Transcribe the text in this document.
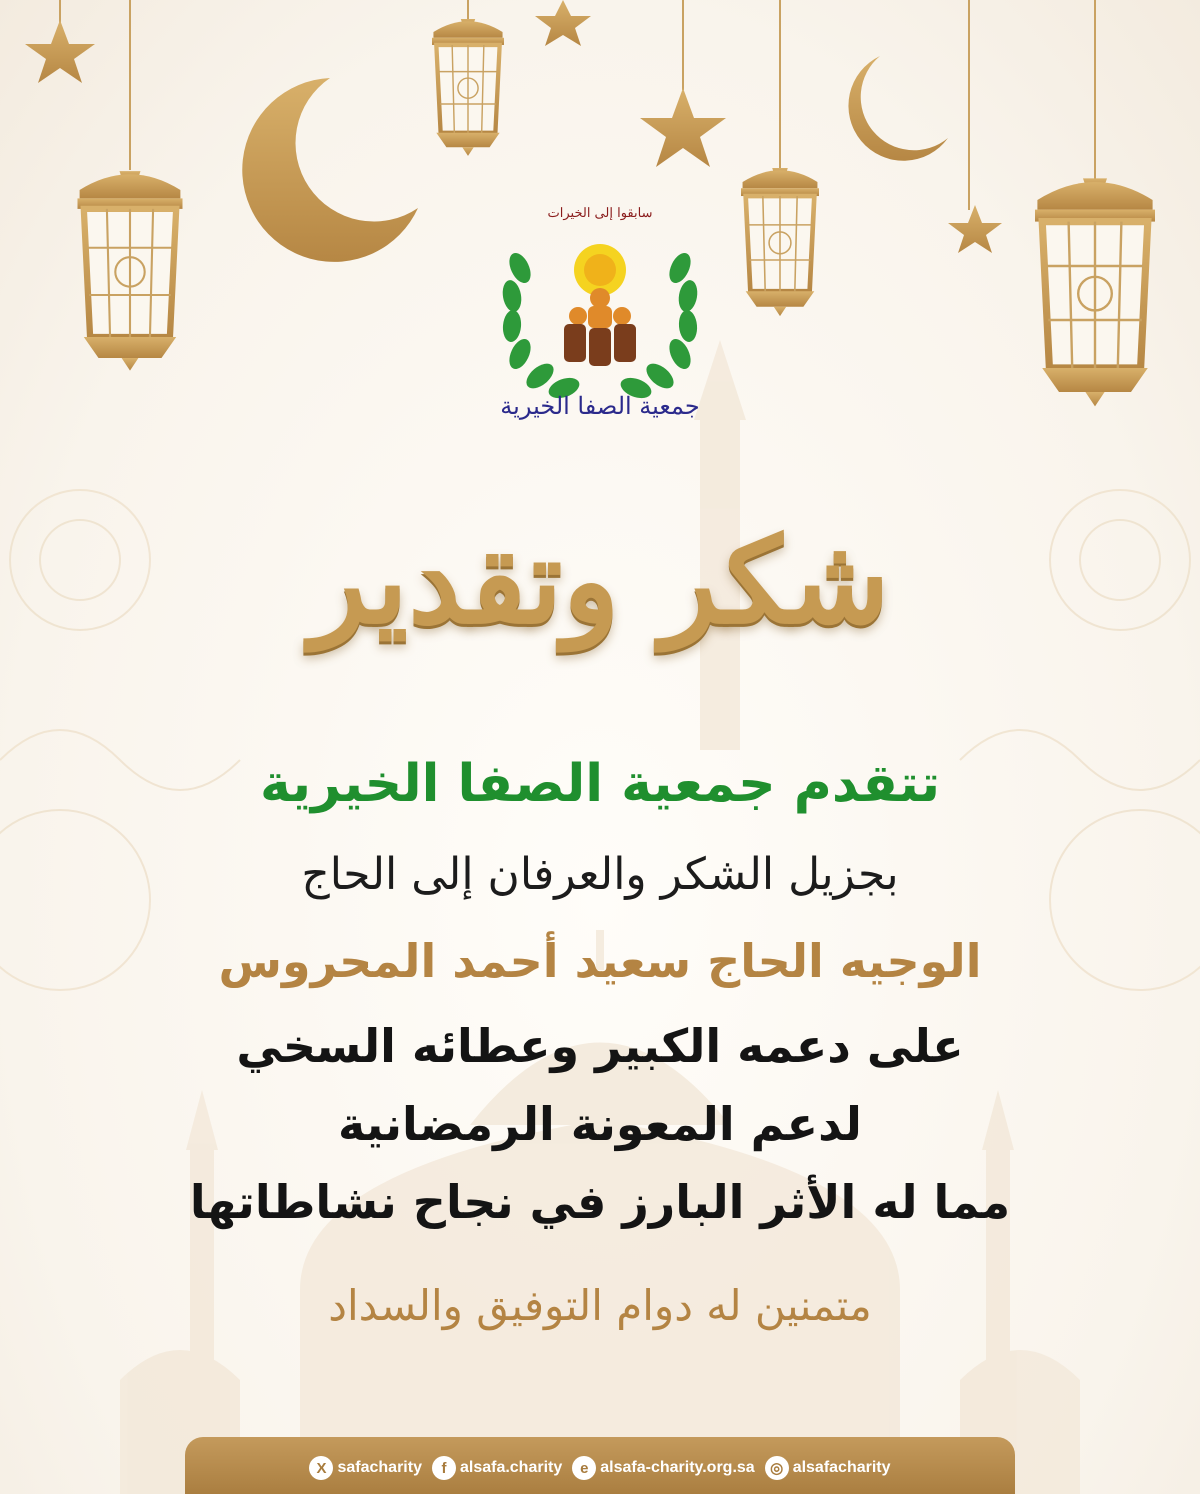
سابقوا إلى الخيرات
جمعية الصفا الخيرية
شكر وتقدير
تتقدم جمعية الصفا الخيرية
بجزيل الشكر والعرفان إلى الحاج
الوجيه الحاج سعيد أحمد المحروس
على دعمه الكبير وعطائه السخي
لدعم المعونة الرمضانية
مما له الأثر البارز في نجاح نشاطاتها
متمنين له دوام التوفيق والسداد
X safacharity	f alsafa.charity	e alsafa-charity.org.sa	◎ alsafacharity
